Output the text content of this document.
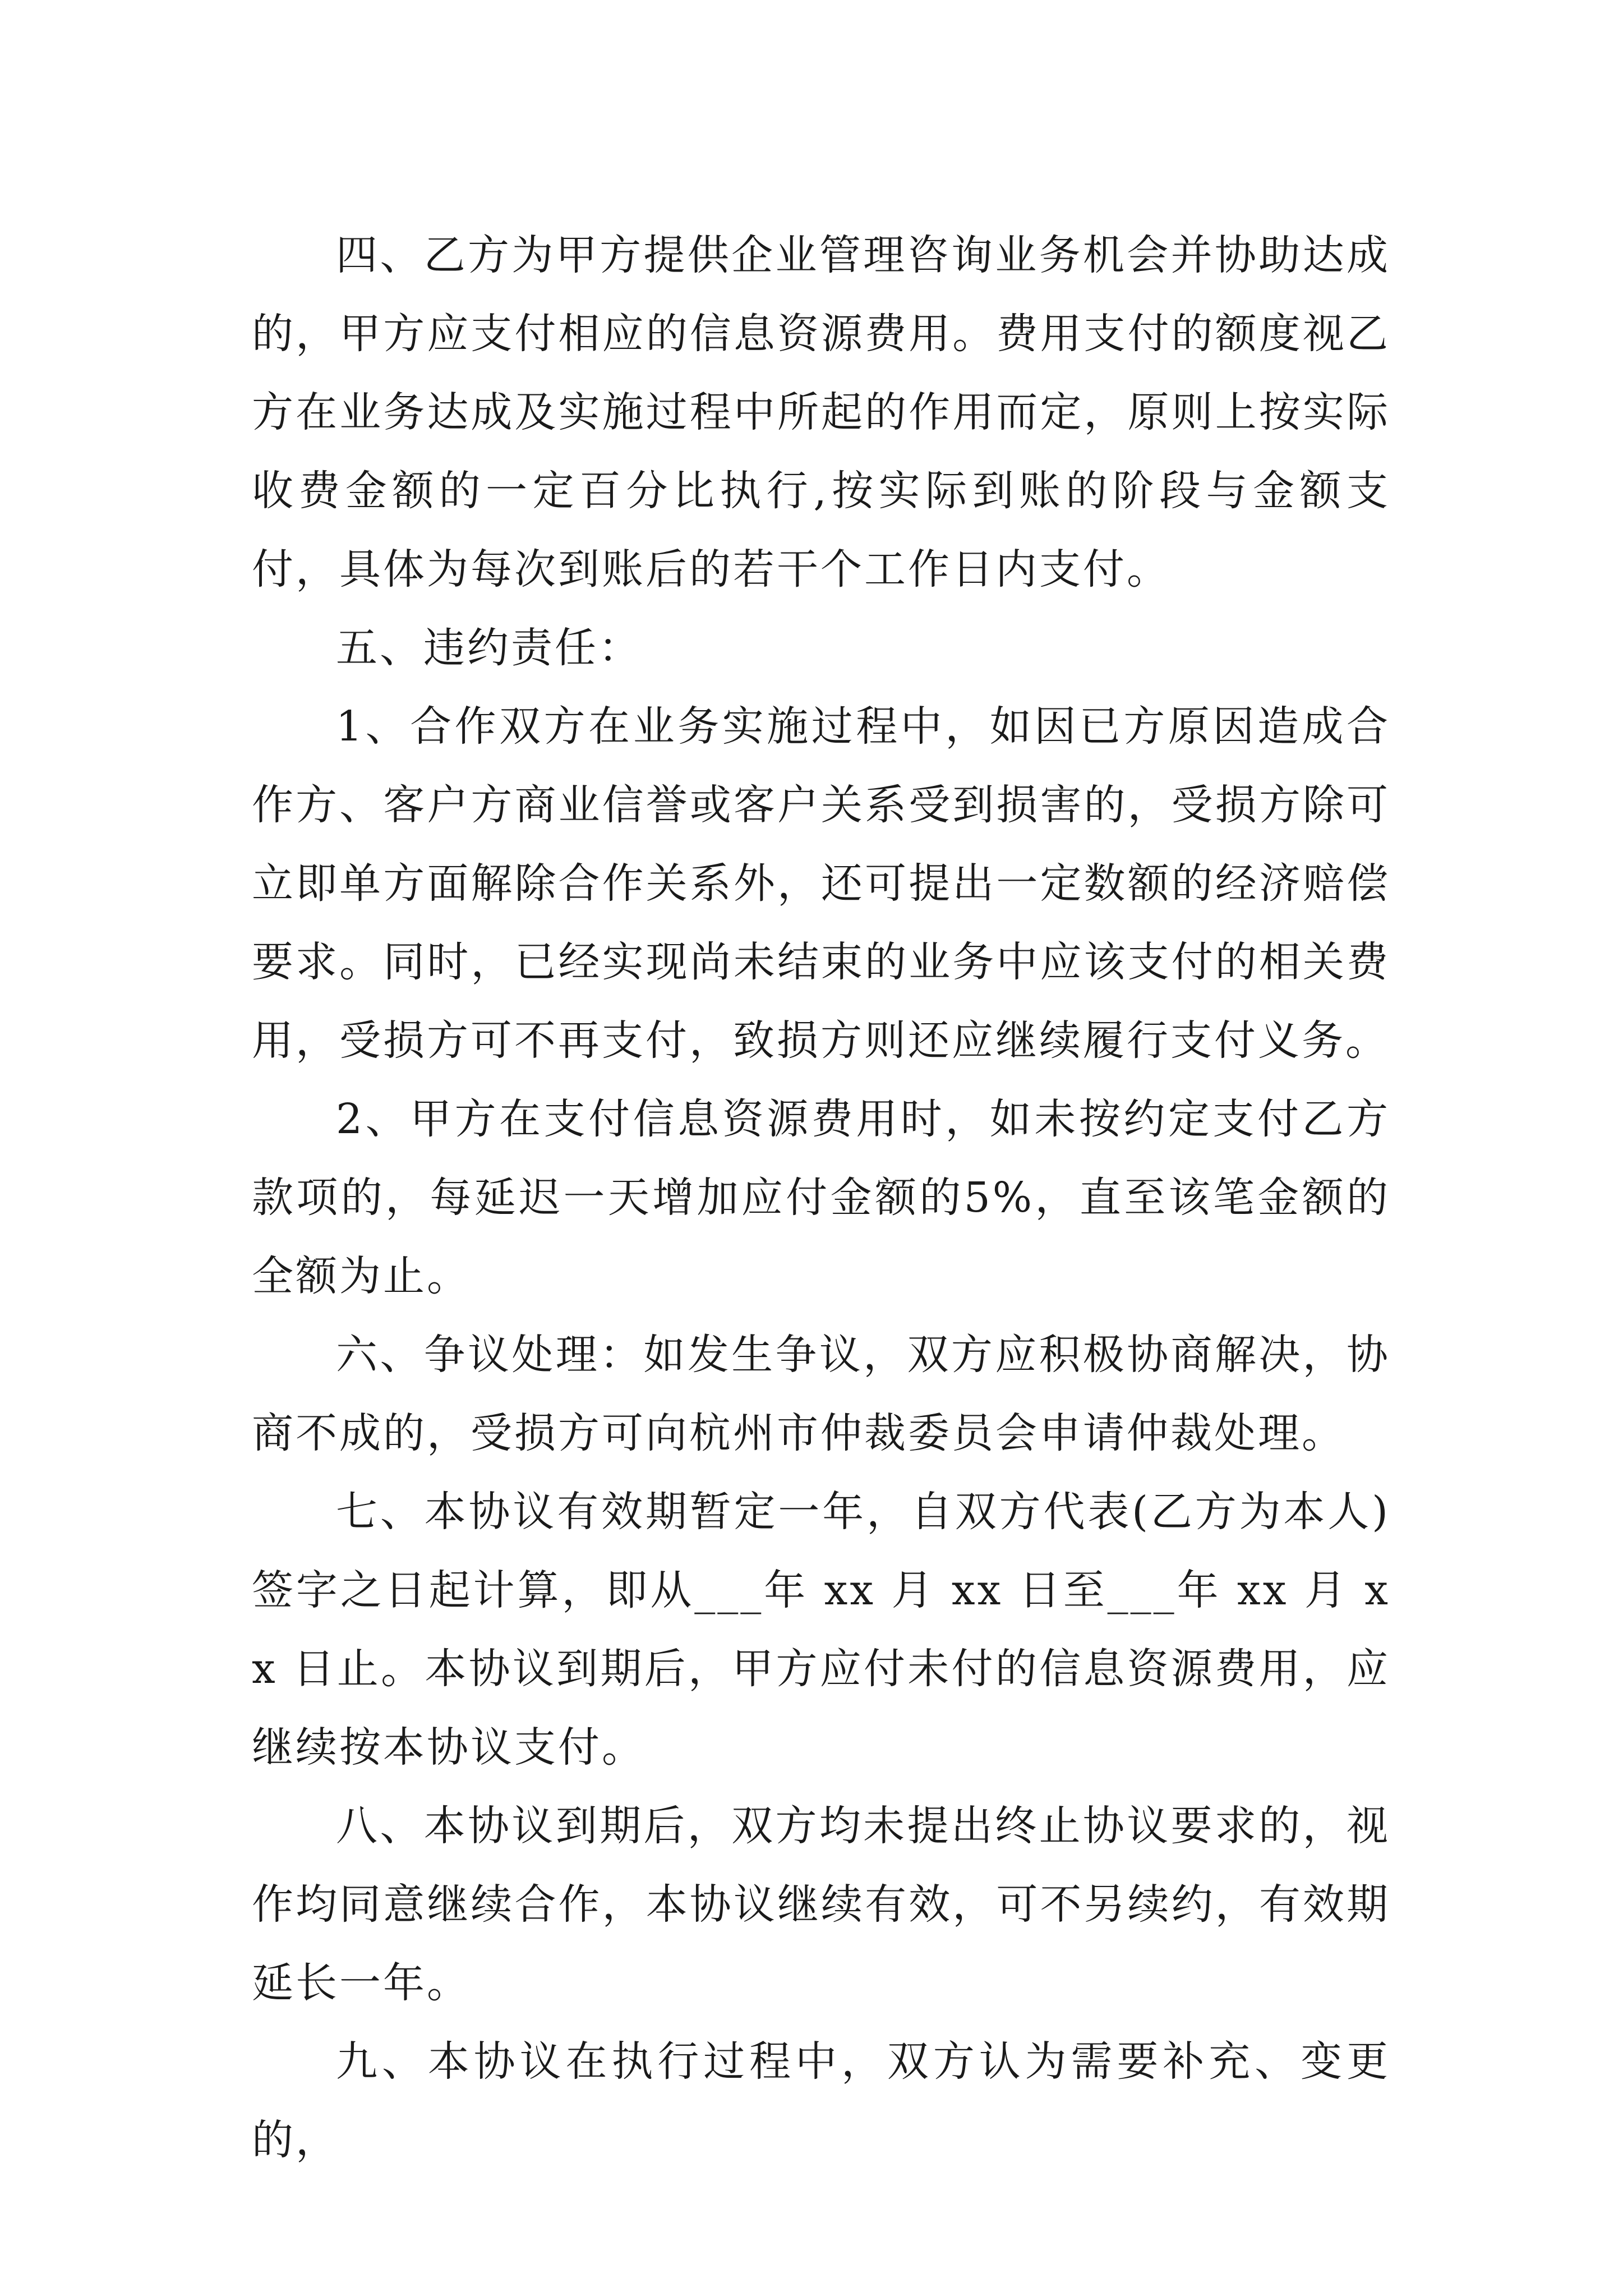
四、乙方为甲方提供企业管理咨询业务机会并协助达成的，甲方应支付相应的信息资源费用。费用支付的额度视乙方在业务达成及实施过程中所起的作用而定，原则上按实际收费金额的一定百分比执行,按实际到账的阶段与金额支付，具体为每次到账后的若干个工作日内支付。

五、违约责任：

1、合作双方在业务实施过程中，如因已方原因造成合作方、客户方商业信誉或客户关系受到损害的，受损方除可立即单方面解除合作关系外，还可提出一定数额的经济赔偿要求。同时，已经实现尚未结束的业务中应该支付的相关费用，受损方可不再支付，致损方则还应继续履行支付义务。

2、甲方在支付信息资源费用时，如未按约定支付乙方款项的，每延迟一天增加应付金额的5%，直至该笔金额的全额为止。

六、争议处理：如发生争议，双方应积极协商解决，协商不成的，受损方可向杭州市仲裁委员会申请仲裁处理。

七、本协议有效期暂定一年，自双方代表(乙方为本人)签字之日起计算，即从___年 xx 月 xx 日至___年 xx 月 xx 日止。本协议到期后，甲方应付未付的信息资源费用，应继续按本协议支付。

八、本协议到期后，双方均未提出终止协议要求的，视作均同意继续合作，本协议继续有效，可不另续约，有效期延长一年。

九、本协议在执行过程中，双方认为需要补充、变更的，
